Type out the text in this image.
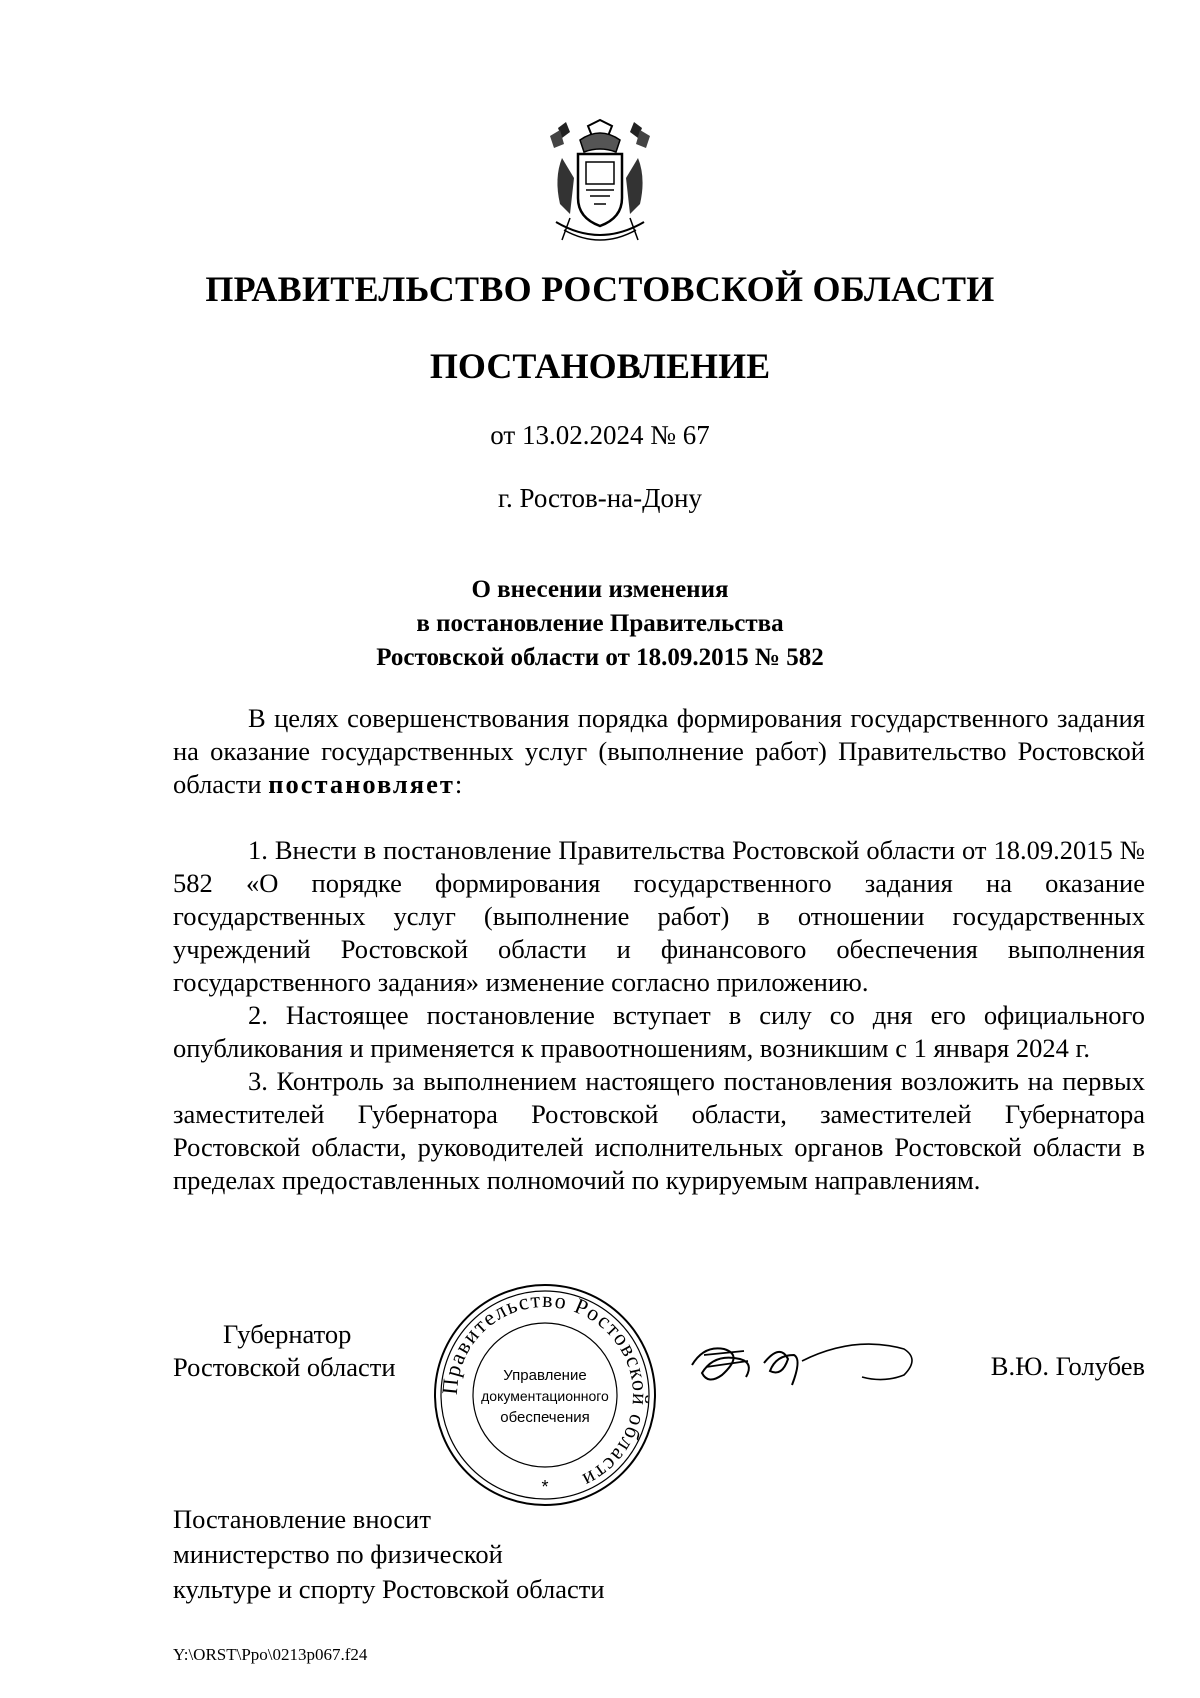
ПРАВИТЕЛЬСТВО РОСТОВСКОЙ ОБЛАСТИ
ПОСТАНОВЛЕНИЕ
от 13.02.2024 № 67
г. Ростов-на-Дону
О внесении изменения
в постановление Правительства
Ростовской области от 18.09.2015 № 582

В целях совершенствования порядка формирования государственного задания на оказание государственных услуг (выполнение работ) Правительство Ростовской области постановляет:

1. Внести в постановление Правительства Ростовской области от 18.09.2015 № 582 «О порядке формирования государственного задания на оказание государственных услуг (выполнение работ) в отношении государственных учреждений Ростовской области и финансового обеспечения выполнения государственного задания» изменение согласно приложению.

2. Настоящее постановление вступает в силу со дня его официального опубликования и применяется к правоотношениям, возникшим с 1 января 2024 г.

3. Контроль за выполнением настоящего постановления возложить на первых заместителей Губернатора Ростовской области, заместителей Губернатора Ростовской области, руководителей исполнительных органов Ростовской области в пределах предоставленных полномочий по курируемым направлениям.

Губернатор
Ростовской области
Правительство Ростовской области
Управление
документационного
обеспечения
*
В.Ю. Голубев
Постановление вносит
министерство по физической
культуре и спорту Ростовской области
Y:\ORST\Ppo\0213p067.f24
